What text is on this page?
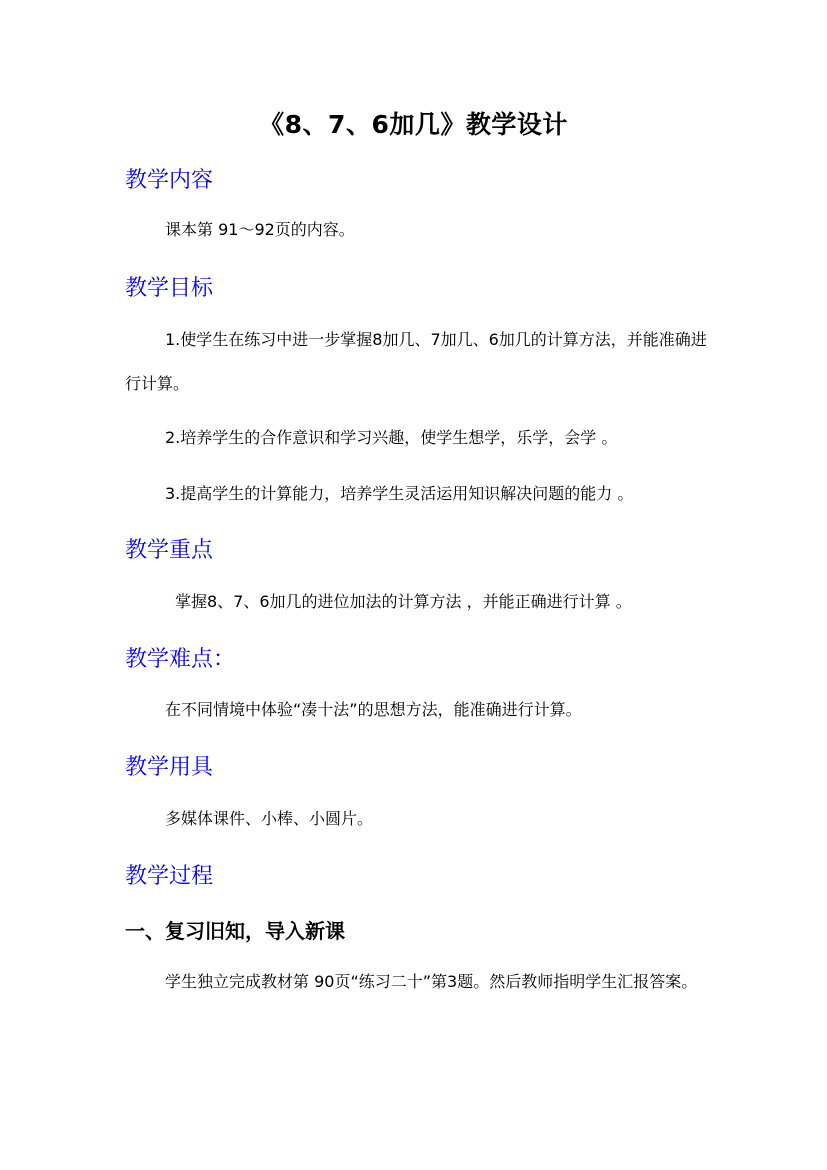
《8、7、6加几》教学设计
教学内容

课本第 91～92页的内容。

教学目标

1.使学生在练习中进一步掌握8加几、7加几、6加几的计算方法，并能准确进行计算。

2.培养学生的合作意识和学习兴趣，使学生想学，乐学，会学 。

3.提高学生的计算能力，培养学生灵活运用知识解决问题的能力 。

教学重点

掌握8、7、6加几的进位加法的计算方法 ，并能正确进行计算 。

教学难点：

在不同情境中体验“凑十法”的思想方法，能准确进行计算。

教学用具

多媒体课件、小棒、小圆片。

教学过程
一、复习旧知，导入新课

学生独立完成教材第 90页“练习二十”第3题。然后教师指明学生汇报答案。
